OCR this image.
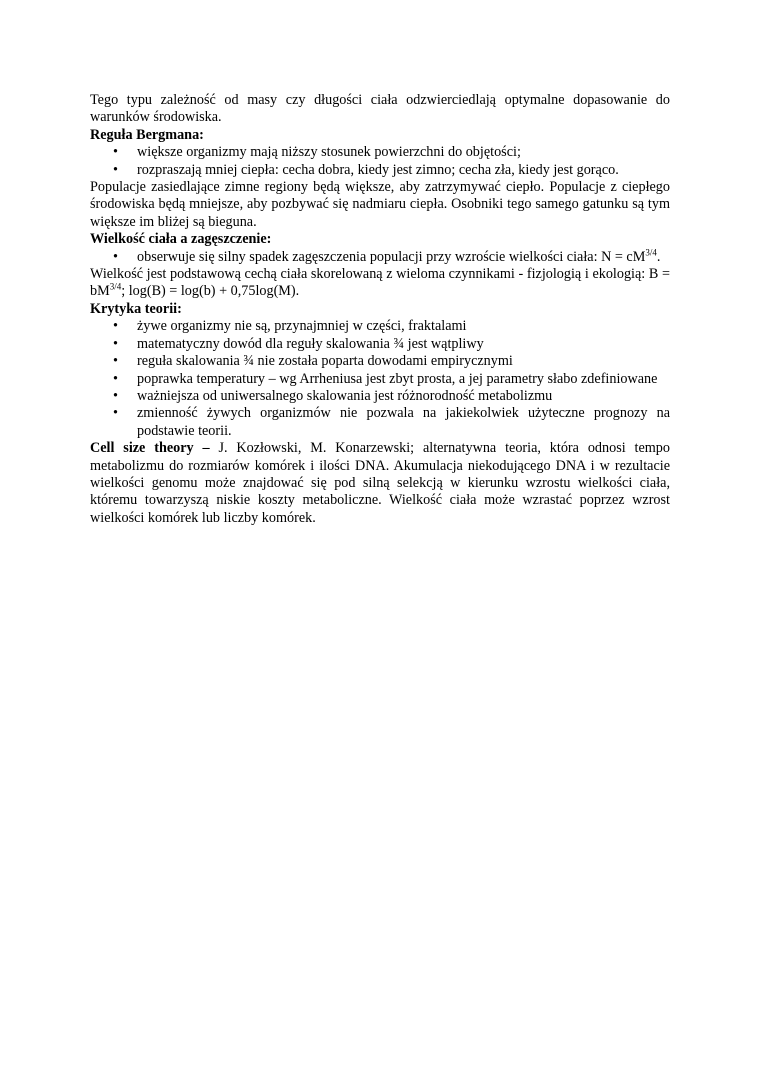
Tego typu zależność od masy czy długości ciała odzwierciedlają optymalne dopasowanie do warunków środowiska.

Reguła Bergmana:

• większe organizmy mają niższy stosunek powierzchni do objętości;
• rozpraszają mniej ciepła: cecha dobra, kiedy jest zimno; cecha zła, kiedy jest gorąco.

Populacje zasiedlające zimne regiony będą większe, aby zatrzymywać ciepło. Populacje z ciepłego środowiska będą mniejsze, aby pozbywać się nadmiaru ciepła. Osobniki tego samego gatunku są tym większe im bliżej są bieguna.

Wielkość ciała a zagęszczenie:

• obserwuje się silny spadek zagęszczenia populacji przy wzroście wielkości ciała: $N = cM^{3/4}$.

Wielkość jest podstawową cechą ciała skorelowaną z wieloma czynnikami - fizjologią i ekologią: $B = bM^{3/4}$; log(B) = log(b) + 0,75log(M).

Krytyka teorii:

• żywe organizmy nie są, przynajmniej w części, fraktalami
• matematyczny dowód dla reguły skalowania ¾ jest wątpliwy
• reguła skalowania ¾ nie została poparta dowodami empirycznymi
• poprawka temperatury – wg Arrheniusa jest zbyt prosta, a jej parametry słabo zdefiniowane
• ważniejsza od uniwersalnego skalowania jest różnorodność metabolizmu
• zmienność żywych organizmów nie pozwala na jakiekolwiek użyteczne prognozy na podstawie teorii.

Cell size theory – J. Kozłowski, M. Konarzewski; alternatywna teoria, która odnosi tempo metabolizmu do rozmiarów komórek i ilości DNA. Akumulacja niekodującego DNA i w rezultacie wielkości genomu może znajdować się pod silną selekcją w kierunku wzrostu wielkości ciała, któremu towarzyszą niskie koszty metaboliczne. Wielkość ciała może wzrastać poprzez wzrost wielkości komórek lub liczby komórek.
